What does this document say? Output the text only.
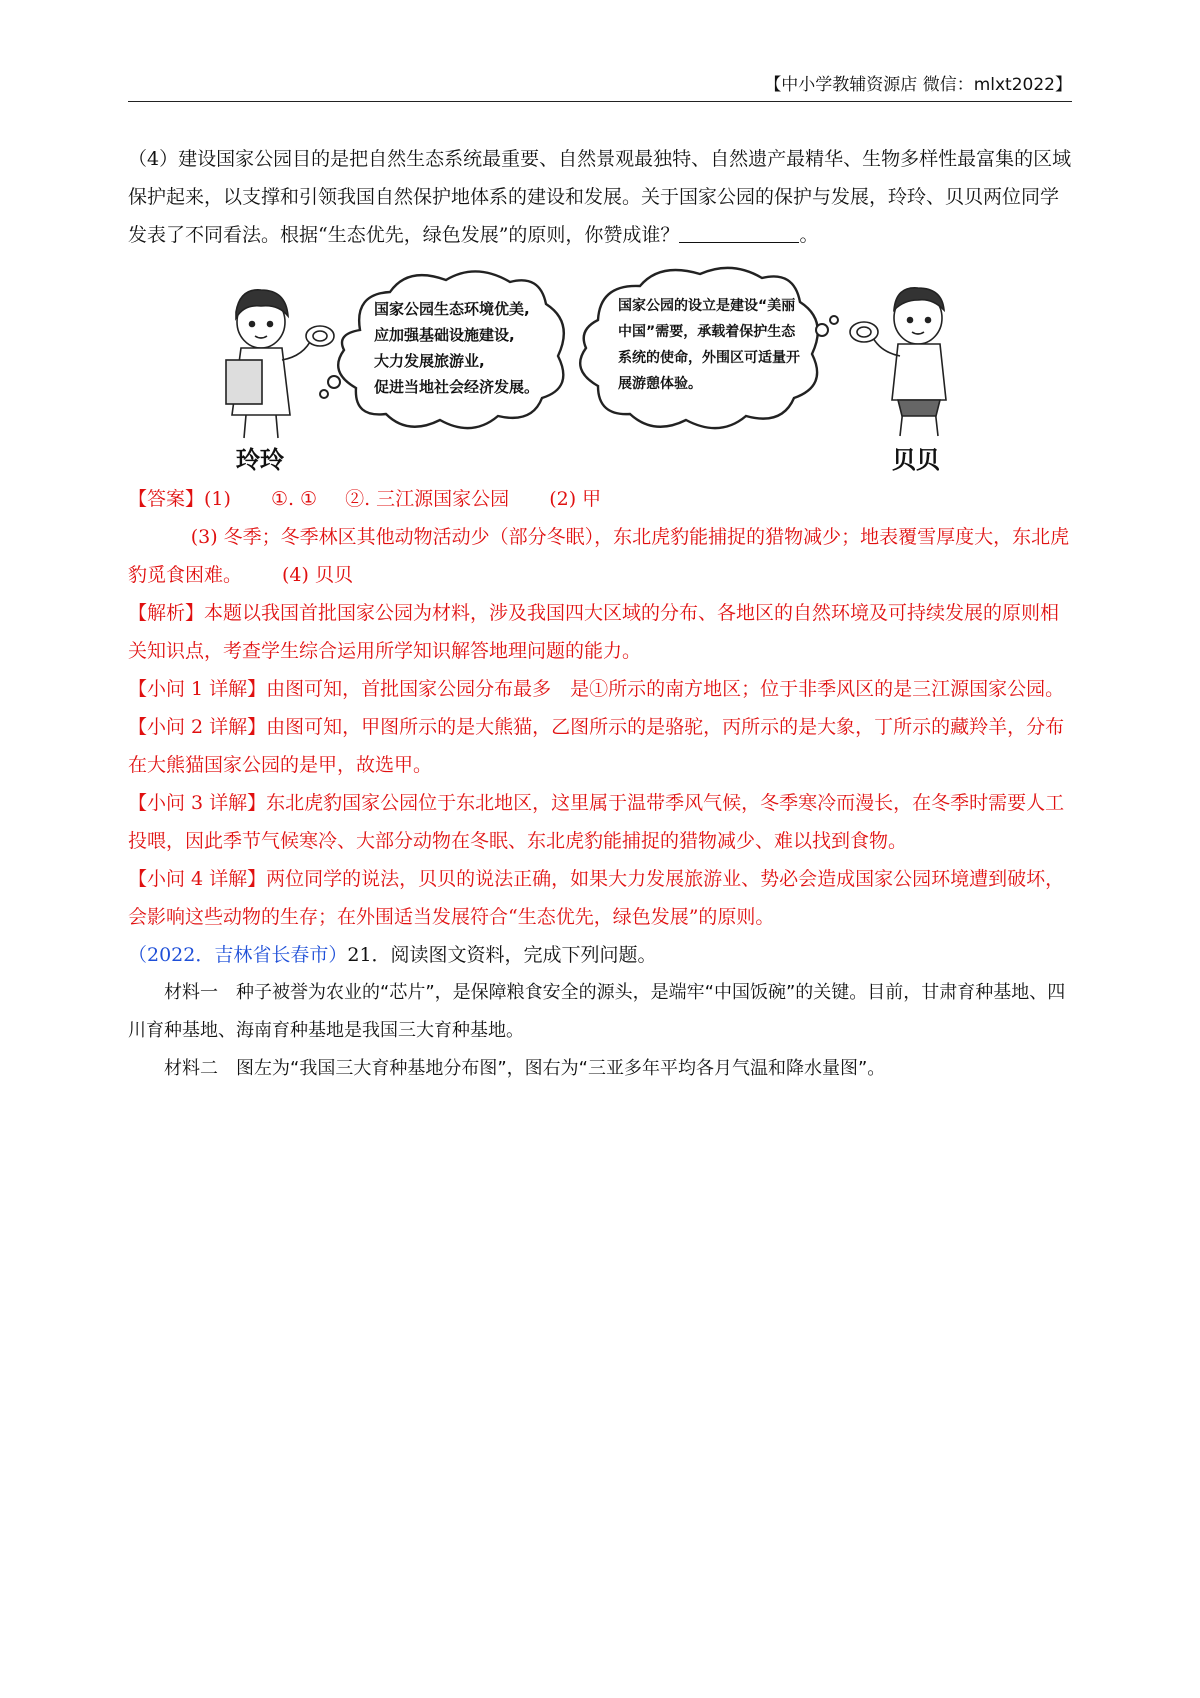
【中小学教辅资源店 微信：mlxt2022】

（4）建设国家公园目的是把自然生态系统最重要、自然景观最独特、自然遗产最精华、生物多样性最富集的区域保护起来，以支撑和引领我国自然保护地体系的建设和发展。关于国家公园的保护与发展，玲玲、贝贝两位同学发表了不同看法。根据“生态优先，绿色发展”的原则，你赞成谁？	。

国家公园生态环境优美,
应加强基础设施建设,
大力发展旅游业,
促进当地社会经济发展。
国家公园的设立是建设“美丽
中国”需要，承载着保护生态
系统的使命，外围区可适量开
展游憩体验。
玲玲	贝贝

【答案】(1) ①. ① ②. 三江源国家公园 (2) 甲

(3) 冬季；冬季林区其他动物活动少（部分冬眠），东北虎豹能捕捉的猎物减少；地表覆雪厚度大，东北虎豹觅食困难。 (4) 贝贝

【解析】本题以我国首批国家公园为材料，涉及我国四大区域的分布、各地区的自然环境及可持续发展的原则相关知识点，考查学生综合运用所学知识解答地理问题的能力。

【小问 1 详解】由图可知，首批国家公园分布最多　是①所示的南方地区；位于非季风区的是三江源国家公园。

【小问 2 详解】由图可知，甲图所示的是大熊猫，乙图所示的是骆驼，丙所示的是大象，丁所示的藏羚羊，分布在大熊猫国家公园的是甲，故选甲。

【小问 3 详解】东北虎豹国家公园位于东北地区，这里属于温带季风气候，冬季寒冷而漫长，在冬季时需要人工投喂，因此季节气候寒冷、大部分动物在冬眠、东北虎豹能捕捉的猎物减少、难以找到食物。

【小问 4 详解】两位同学的说法，贝贝的说法正确，如果大力发展旅游业、势必会造成国家公园环境遭到破坏，会影响这些动物的生存；在外围适当发展符合“生态优先，绿色发展”的原则。

（2022．吉林省长春市）21．阅读图文资料，完成下列问题。

材料一　种子被誉为农业的“芯片”，是保障粮食安全的源头，是端牢“中国饭碗”的关键。目前，甘肃育种基地、四川育种基地、海南育种基地是我国三大育种基地。

材料二　图左为“我国三大育种基地分布图”，图右为“三亚多年平均各月气温和降水量图”。
